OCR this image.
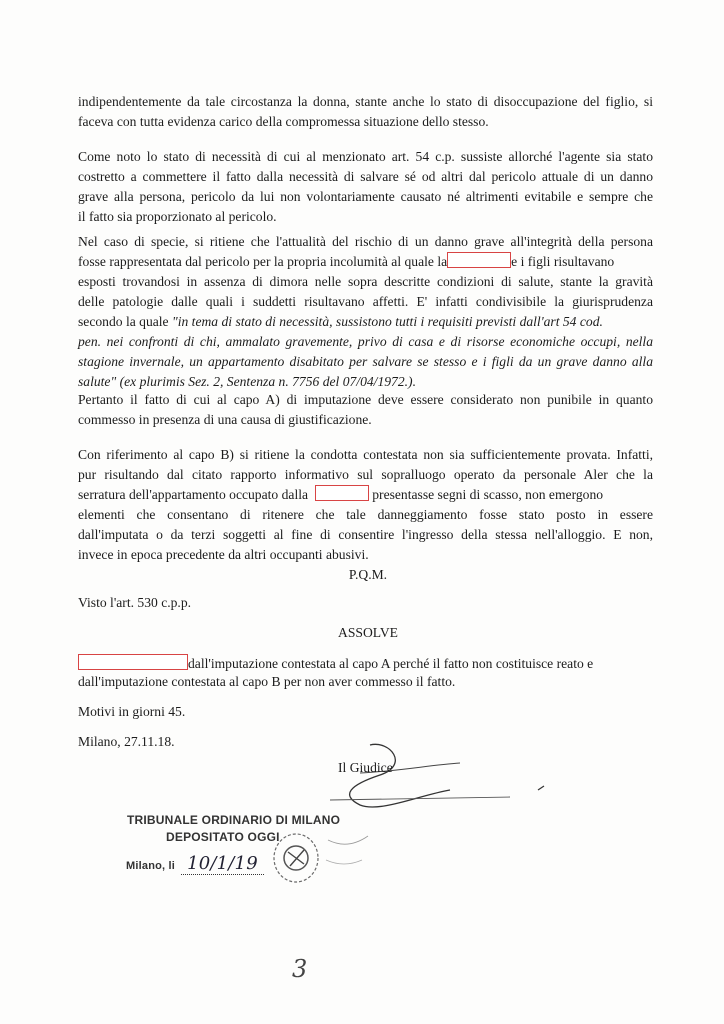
indipendentemente da tale circostanza la donna, stante anche lo stato di disoccupazione del figlio, si
faceva con tutta evidenza carico della compromessa situazione dello stesso.
Come noto lo stato di necessità di cui al menzionato art. 54 c.p. sussiste allorché l'agente sia stato
costretto a commettere il fatto dalla necessità di salvare sé od altri dal pericolo attuale di un danno
grave alla persona, pericolo da lui non volontariamente causato né altrimenti evitabile e sempre che
il fatto sia proporzionato al pericolo.
Nel caso di specie, si ritiene che l'attualità del rischio di un danno grave all'integrità della persona
fosse rappresentata dal pericolo per la propria incolumità al quale la	e i figli risultavano
esposti trovandosi in assenza di dimora nelle sopra descritte condizioni di salute, stante la gravità
delle patologie dalle quali i suddetti risultavano affetti. E' infatti condivisibile la giurisprudenza
secondo la quale "in tema di stato di necessità, sussistono tutti i requisiti previsti dall'art 54 cod.
pen. nei confronti di chi, ammalato gravemente, privo di casa e di risorse economiche occupi, nella
stagione invernale, un appartamento disabitato per salvare se stesso e i figli da un grave danno alla
salute" (ex plurimis Sez. 2, Sentenza n. 7756 del 07/04/1972.).
Pertanto il fatto di cui al capo A) di imputazione deve essere considerato non punibile in quanto
commesso in presenza di una causa di giustificazione.
Con riferimento al capo B) si ritiene la condotta contestata non sia sufficientemente provata. Infatti,
pur risultando dal citato rapporto informativo sul sopralluogo operato da personale Aler che la
serratura dell'appartamento occupato dalla	presentasse segni di scasso, non emergono
elementi che consentano di ritenere che tale danneggiamento fosse stato posto in essere
dall'imputata o da terzi soggetti al fine di consentire l'ingresso della stessa nell'alloggio. E non,
invece in epoca precedente da altri occupanti abusivi.
P.Q.M.
Visto l'art. 530 c.p.p.
ASSOLVE
dall'imputazione contestata al capo A perché il fatto non costituisce reato e
dall'imputazione contestata al capo B per non aver commesso il fatto.
Motivi in giorni 45.
Milano, 27.11.18.
Il Giudice
TRIBUNALE ORDINARIO DI MILANO
DEPOSITATO OGGI
Milano, li 10/1/19
3
